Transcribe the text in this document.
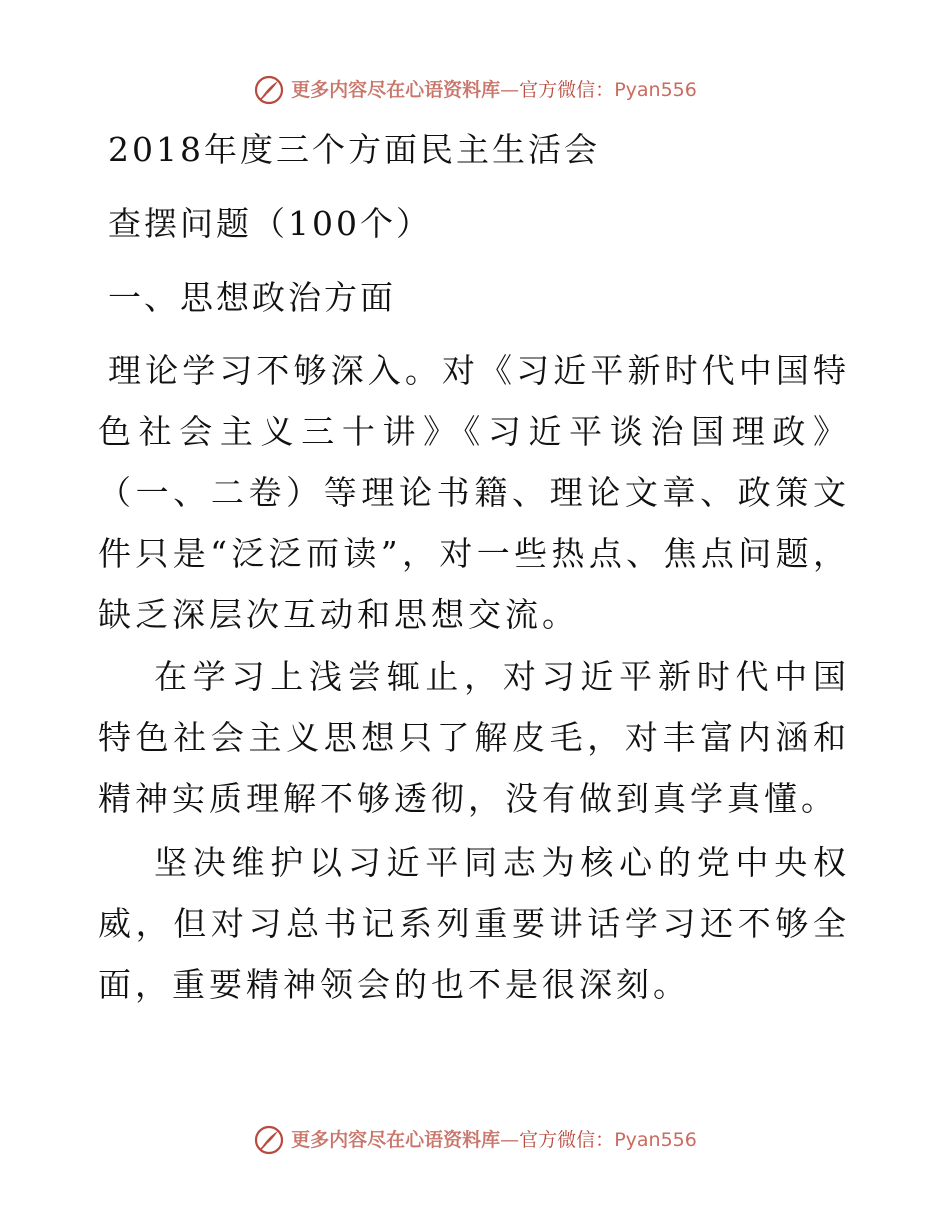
更多内容尽在心语资料库 — 官方微信： Pyan556
2018年度三个方面民主生活会
查摆问题（100个）
一、思想政治方面
理论学习不够深入。对《习近平新时代中国特色社会主义三十讲》《习近平谈治国理政》（一、二卷）等理论书籍、理论文章、政策文件只是“泛泛而读”，对一些热点、焦点问题，缺乏深层次互动和思想交流。
在学习上浅尝辄止，对习近平新时代中国特色社会主义思想只了解皮毛，对丰富内涵和精神实质理解不够透彻，没有做到真学真懂。
坚决维护以习近平同志为核心的党中央权威，但对习总书记系列重要讲话学习还不够全面，重要精神领会的也不是很深刻。
更多内容尽在心语资料库 — 官方微信： Pyan556
